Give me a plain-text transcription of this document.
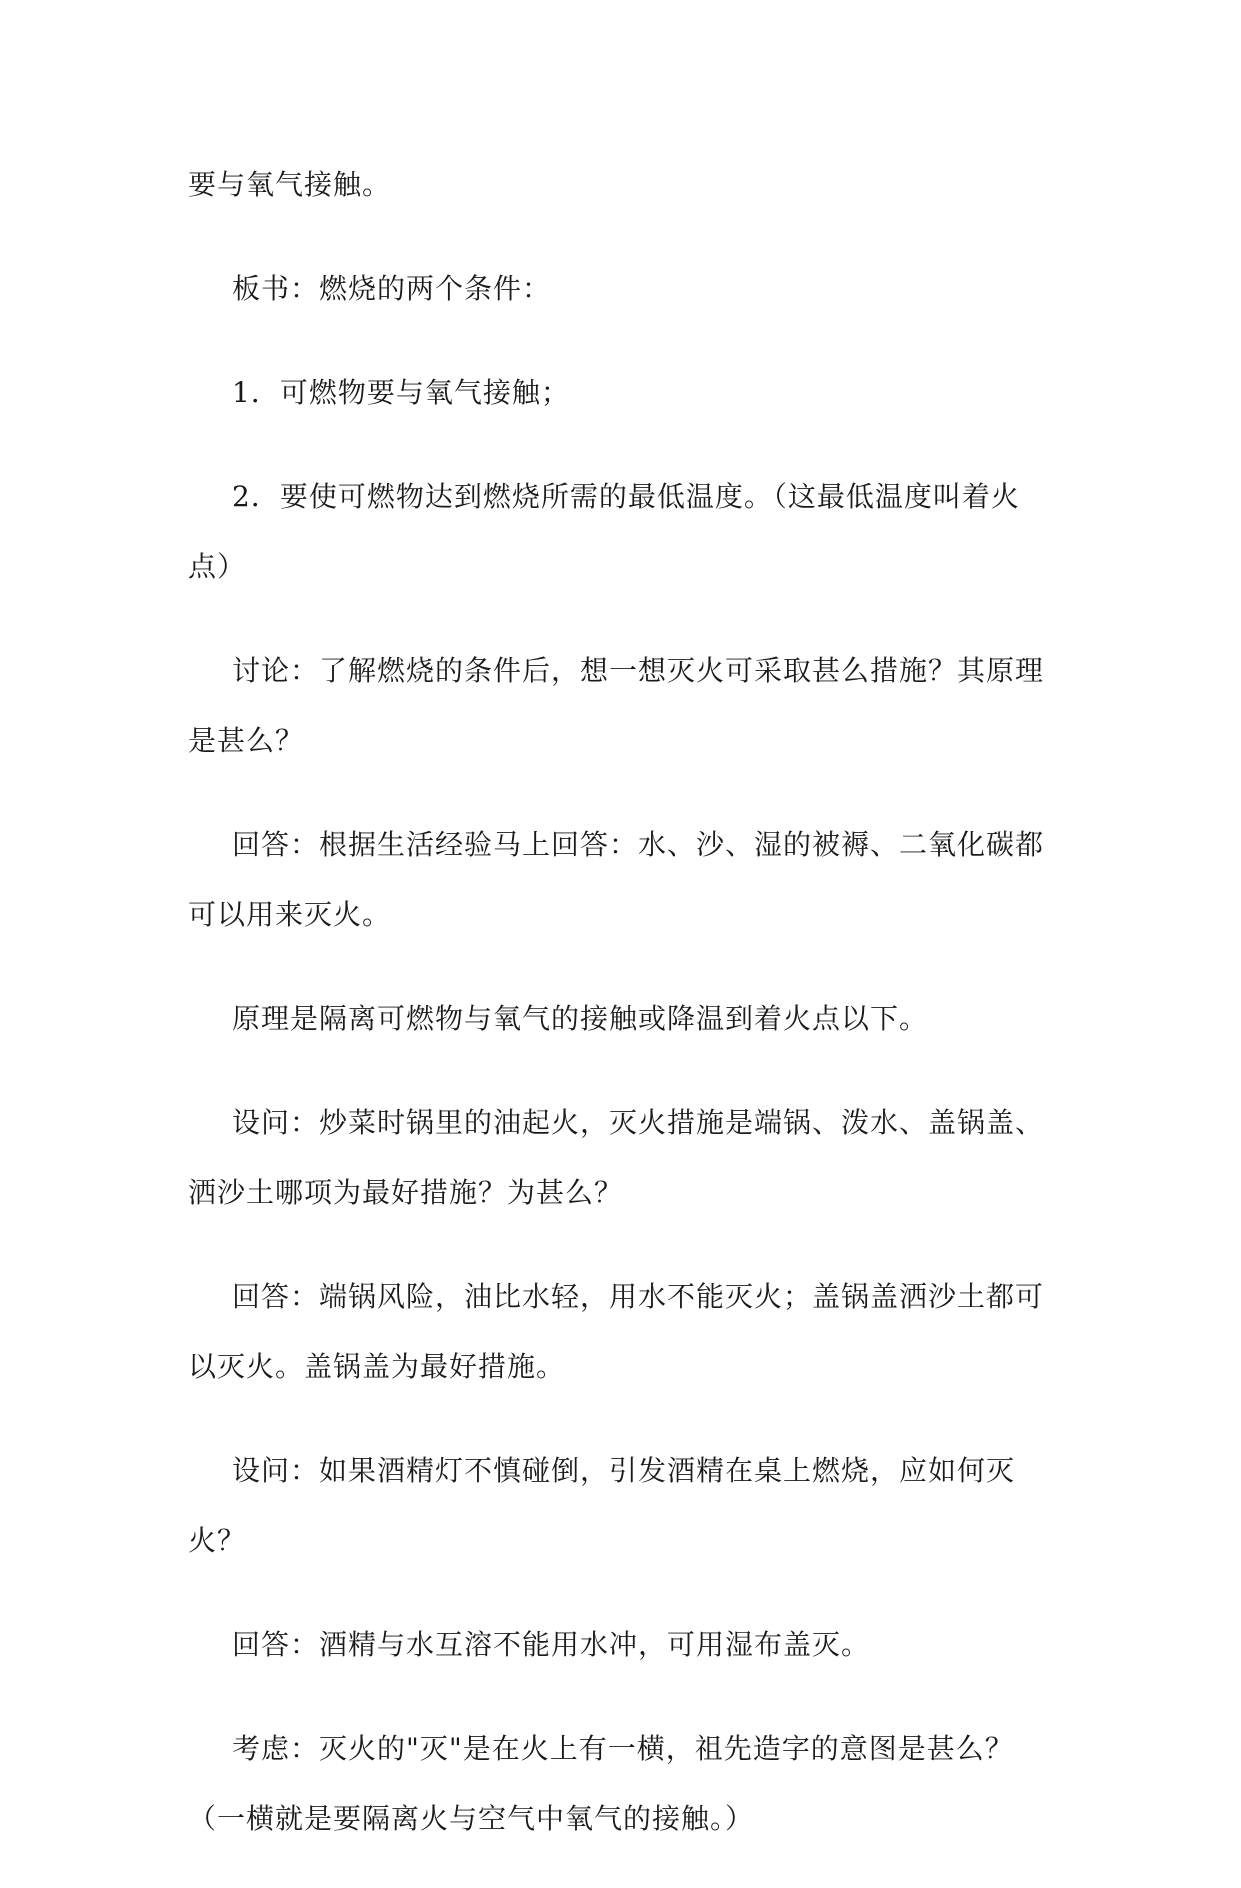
要与氧气接触。

板书：燃烧的两个条件：

1．可燃物要与氧气接触；

2．要使可燃物达到燃烧所需的最低温度。（这最低温度叫着火点）

讨论：了解燃烧的条件后，想一想灭火可采取甚么措施？其原理是甚么？

回答：根据生活经验马上回答：水、沙、湿的被褥、二氧化碳都可以用来灭火。

原理是隔离可燃物与氧气的接触或降温到着火点以下。

设问：炒菜时锅里的油起火，灭火措施是端锅、泼水、盖锅盖、洒沙土哪项为最好措施？为甚么？

回答：端锅风险，油比水轻，用水不能灭火；盖锅盖洒沙土都可以灭火。盖锅盖为最好措施。

设问：如果酒精灯不慎碰倒，引发酒精在桌上燃烧，应如何灭火？

回答：酒精与水互溶不能用水冲，可用湿布盖灭。

考虑：灭火的"灭"是在火上有一横，祖先造字的意图是甚么？（一横就是要隔离火与空气中氧气的接触。）
